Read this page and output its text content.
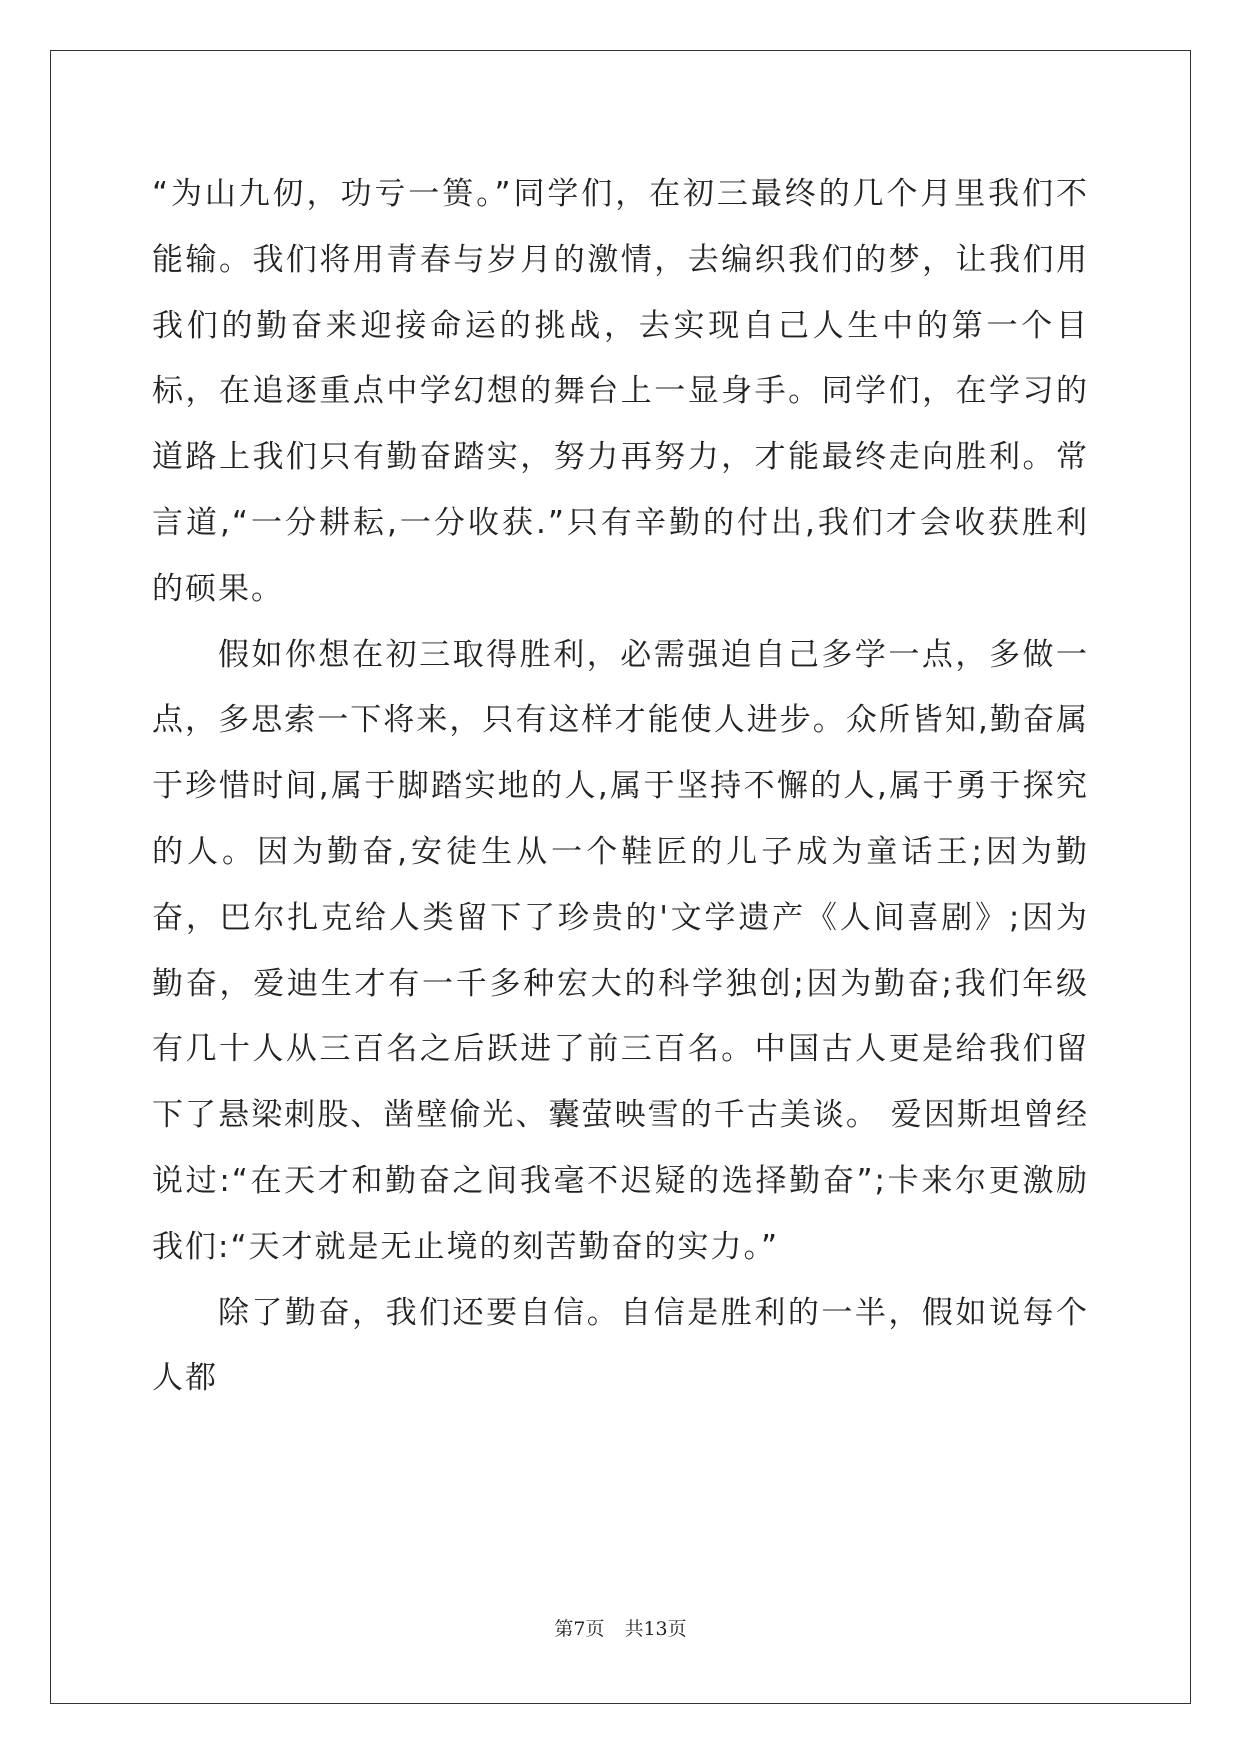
“为山九仞，功亏一篑。”同学们，在初三最终的几个月里我们不能输。我们将用青春与岁月的激情，去编织我们的梦，让我们用我们的勤奋来迎接命运的挑战，去实现自己人生中的第一个目标，在追逐重点中学幻想的舞台上一显身手。同学们，在学习的道路上我们只有勤奋踏实，努力再努力，才能最终走向胜利。常言道,“一分耕耘,一分收获.”只有辛勤的付出,我们才会收获胜利的硕果。

假如你想在初三取得胜利，必需强迫自己多学一点，多做一点，多思索一下将来，只有这样才能使人进步。众所皆知,勤奋属于珍惜时间,属于脚踏实地的人,属于坚持不懈的人,属于勇于探究的人。因为勤奋,安徒生从一个鞋匠的儿子成为童话王;因为勤奋，巴尔扎克给人类留下了珍贵的'文学遗产《人间喜剧》;因为勤奋，爱迪生才有一千多种宏大的科学独创;因为勤奋;我们年级有几十人从三百名之后跃进了前三百名。中国古人更是给我们留下了悬梁刺股、凿壁偷光、囊萤映雪的千古美谈。 爱因斯坦曾经说过:“在天才和勤奋之间我毫不迟疑的选择勤奋”;卡来尔更激励我们:“天才就是无止境的刻苦勤奋的实力。”

除了勤奋，我们还要自信。自信是胜利的一半，假如说每个人都

第7页 共13页
